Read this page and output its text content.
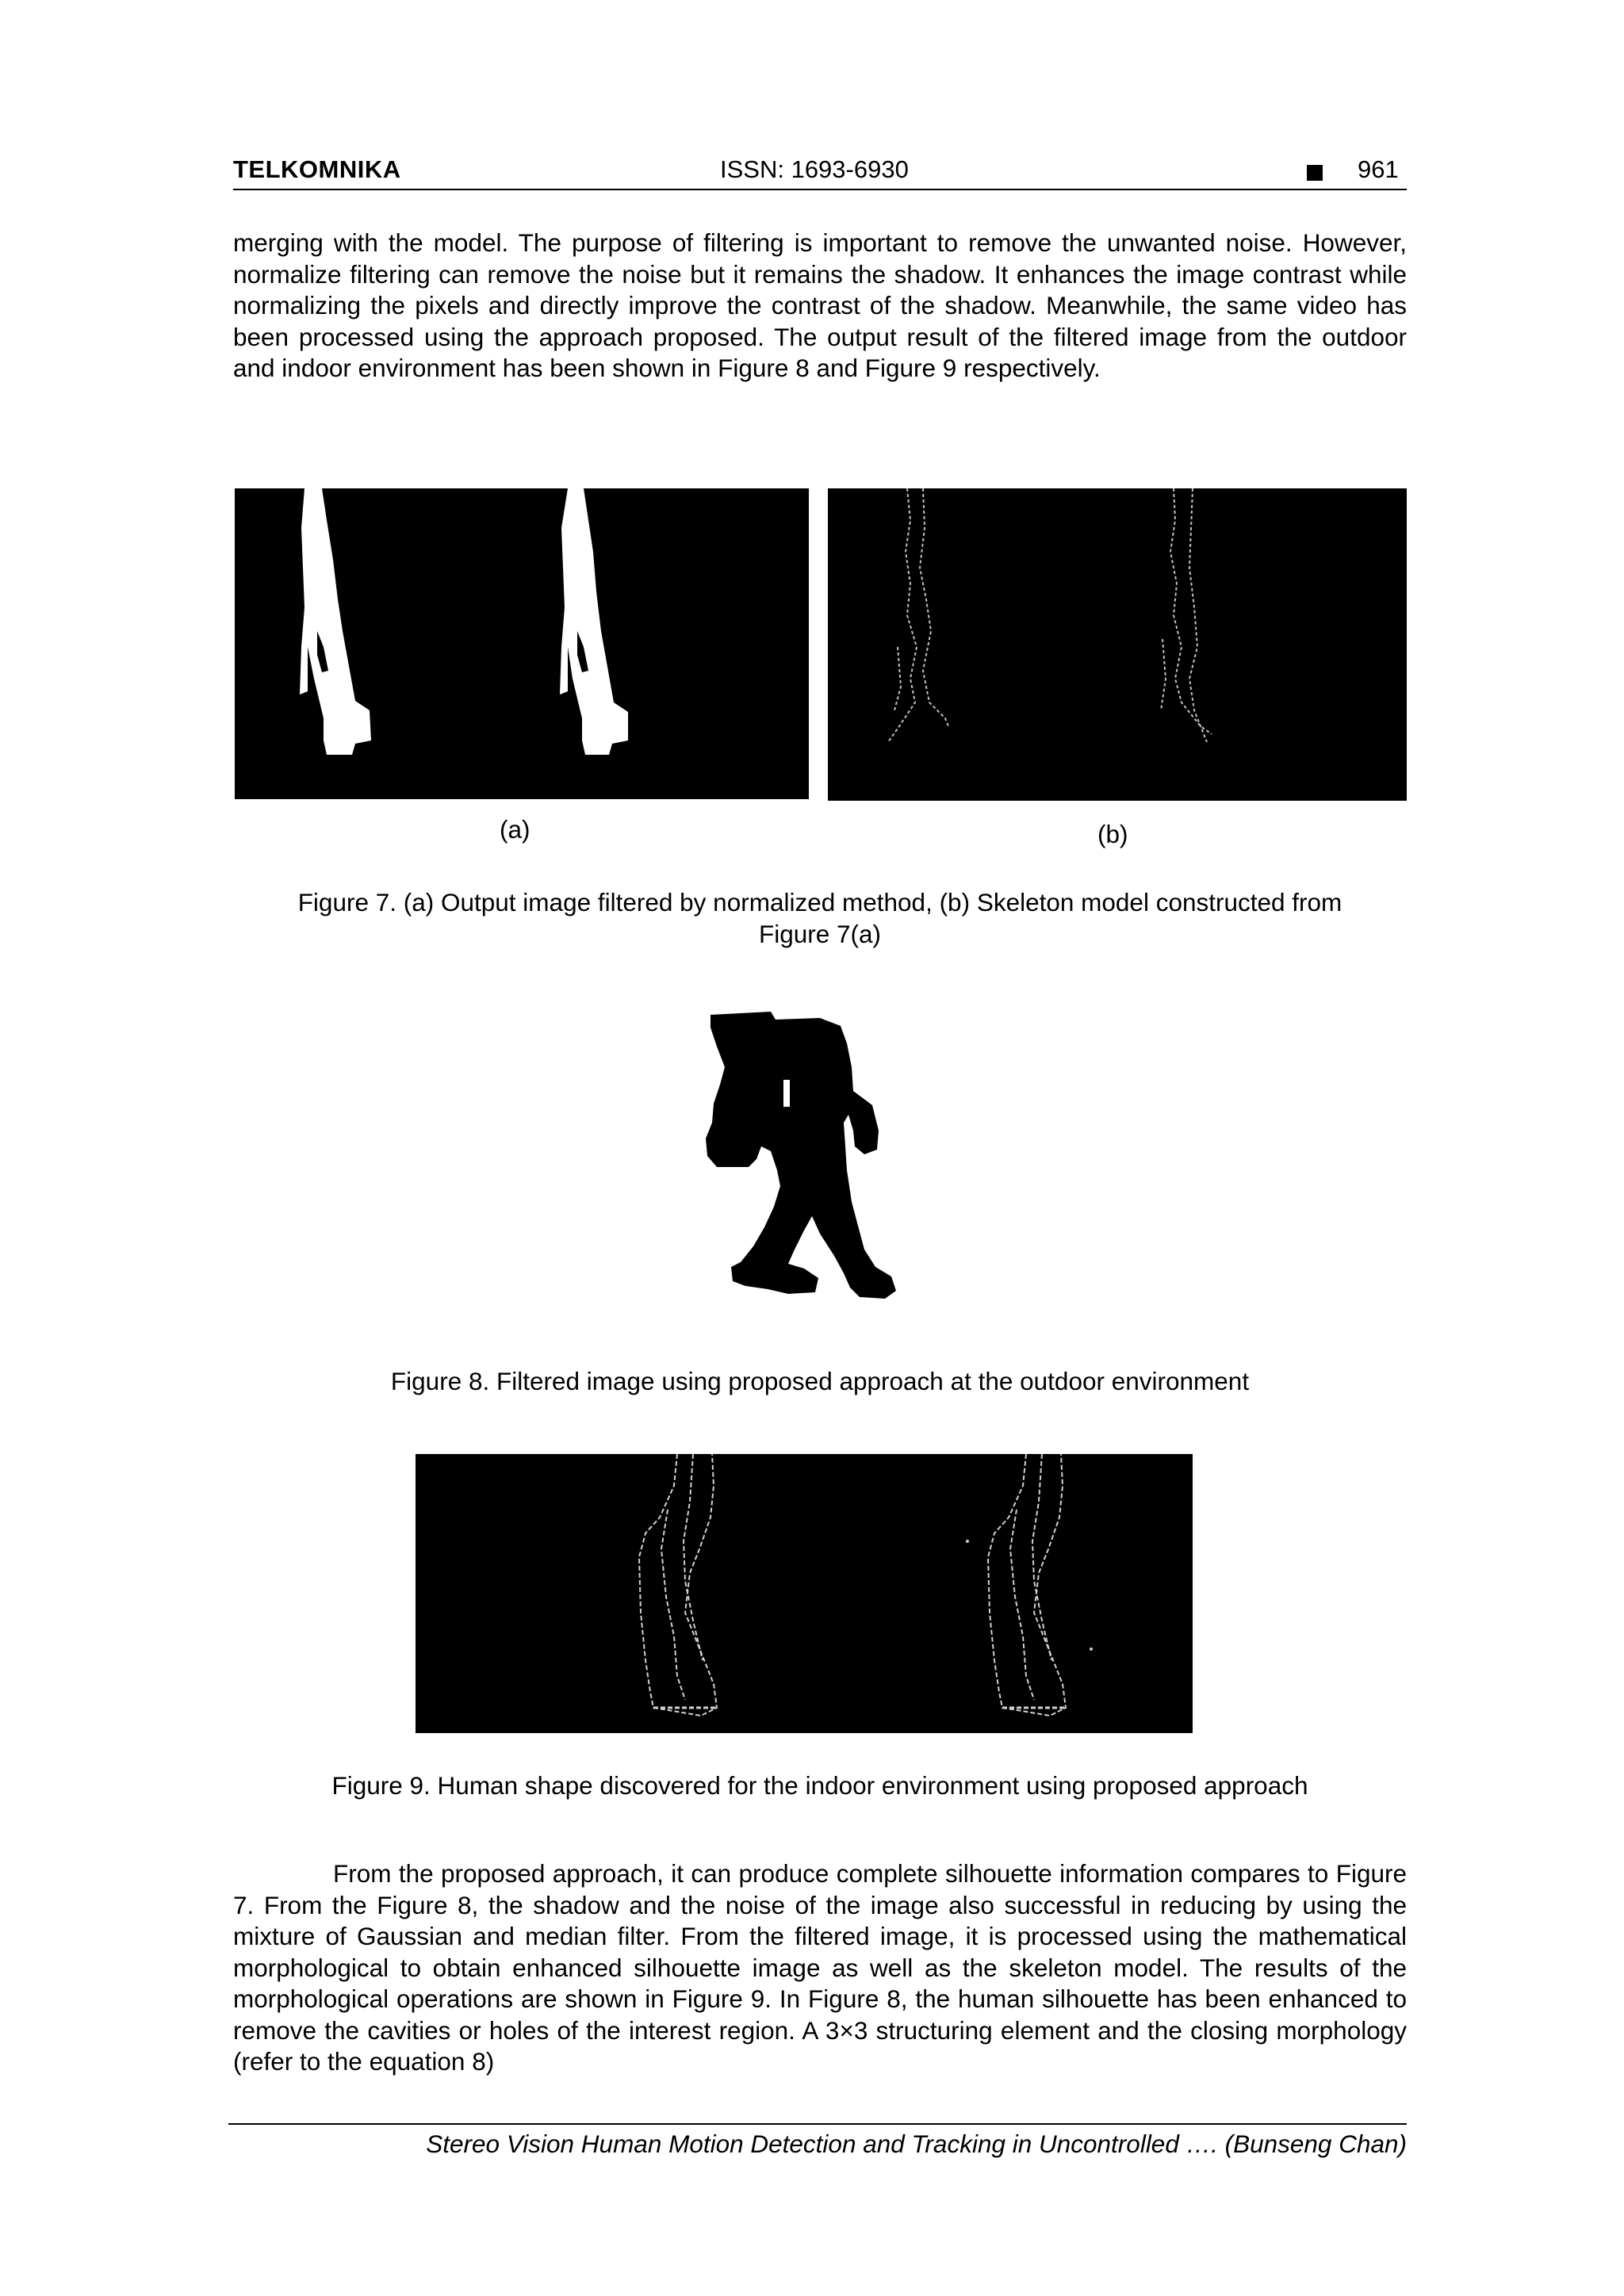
TELKOMNIKA	ISSN: 1693-6930	961
merging with the model. The purpose of filtering is important to remove the unwanted noise. However, normalize filtering can remove the noise but it remains the shadow. It enhances the image contrast while normalizing the pixels and directly improve the contrast of the shadow. Meanwhile, the same video has been processed using the approach proposed. The output result of the filtered image from the outdoor and indoor environment has been shown in Figure 8 and Figure 9 respectively.
(a)	(b)
Figure 7. (a) Output image filtered by normalized method, (b) Skeleton model constructed from
Figure 7(a)
Figure 8. Filtered image using proposed approach at the outdoor environment
Figure 9. Human shape discovered for the indoor environment using proposed approach
From the proposed approach, it can produce complete silhouette information compares to Figure 7. From the Figure 8, the shadow and the noise of the image also successful in reducing by using the mixture of Gaussian and median filter. From the filtered image, it is processed using the mathematical morphological to obtain enhanced silhouette image as well as the skeleton model. The results of the morphological operations are shown in Figure 9. In Figure 8, the human silhouette has been enhanced to remove the cavities or holes of the interest region. A 3×3 structuring element and the closing morphology (refer to the equation 8)
Stereo Vision Human Motion Detection and Tracking in Uncontrolled …. (Bunseng Chan)
